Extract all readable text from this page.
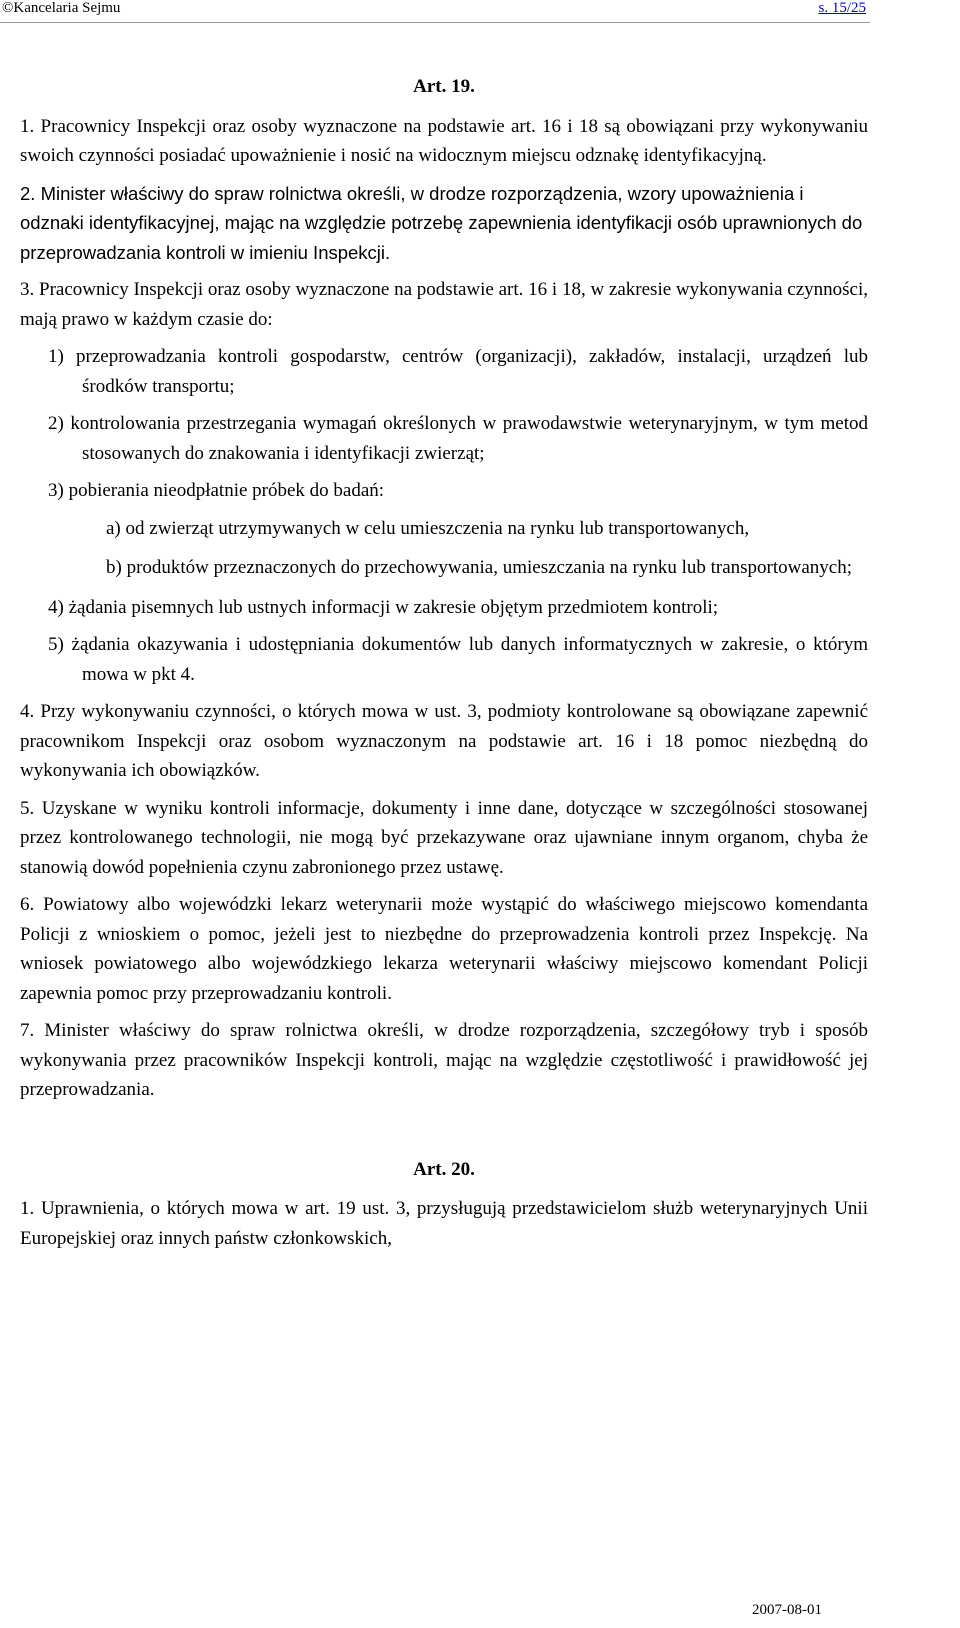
©Kancelaria Sejmu	s. 15/25
Art. 19.

1. Pracownicy Inspekcji oraz osoby wyznaczone na podstawie art. 16 i 18 są obowiązani przy wykonywaniu swoich czynności posiadać upoważnienie i nosić na widocznym miejscu odznakę identyfikacyjną.

2. Minister właściwy do spraw rolnictwa określi, w drodze rozporządzenia, wzory upoważnienia i odznaki identyfikacyjnej, mając na względzie potrzebę zapewnienia identyfikacji osób uprawnionych do przeprowadzania kontroli w imieniu Inspekcji.

3. Pracownicy Inspekcji oraz osoby wyznaczone na podstawie art. 16 i 18, w zakresie wykonywania czynności, mają prawo w każdym czasie do:

1) przeprowadzania kontroli gospodarstw, centrów (organizacji), zakładów, instalacji, urządzeń lub środków transportu;

2) kontrolowania przestrzegania wymagań określonych w prawodawstwie weterynaryjnym, w tym metod stosowanych do znakowania i identyfikacji zwierząt;

3) pobierania nieodpłatnie próbek do badań:

a) od zwierząt utrzymywanych w celu umieszczenia na rynku lub transportowanych,

b) produktów przeznaczonych do przechowywania, umieszczania na rynku lub transportowanych;

4) żądania pisemnych lub ustnych informacji w zakresie objętym przedmiotem kontroli;

5) żądania okazywania i udostępniania dokumentów lub danych informatycznych w zakresie, o którym mowa w pkt 4.

4. Przy wykonywaniu czynności, o których mowa w ust. 3, podmioty kontrolowane są obowiązane zapewnić pracownikom Inspekcji oraz osobom wyznaczonym na podstawie art. 16 i 18 pomoc niezbędną do wykonywania ich obowiązków.

5. Uzyskane w wyniku kontroli informacje, dokumenty i inne dane, dotyczące w szczególności stosowanej przez kontrolowanego technologii, nie mogą być przekazywane oraz ujawniane innym organom, chyba że stanowią dowód popełnienia czynu zabronionego przez ustawę.

6. Powiatowy albo wojewódzki lekarz weterynarii może wystąpić do właściwego miejscowo komendanta Policji z wnioskiem o pomoc, jeżeli jest to niezbędne do przeprowadzenia kontroli przez Inspekcję. Na wniosek powiatowego albo wojewódzkiego lekarza weterynarii właściwy miejscowo komendant Policji zapewnia pomoc przy przeprowadzaniu kontroli.

7. Minister właściwy do spraw rolnictwa określi, w drodze rozporządzenia, szczegółowy tryb i sposób wykonywania przez pracowników Inspekcji kontroli, mając na względzie częstotliwość i prawidłowość jej przeprowadzania.

Art. 20.

1. Uprawnienia, o których mowa w art. 19 ust. 3, przysługują przedstawicielom służb weterynaryjnych Unii Europejskiej oraz innych państw członkowskich,

2007-08-01
